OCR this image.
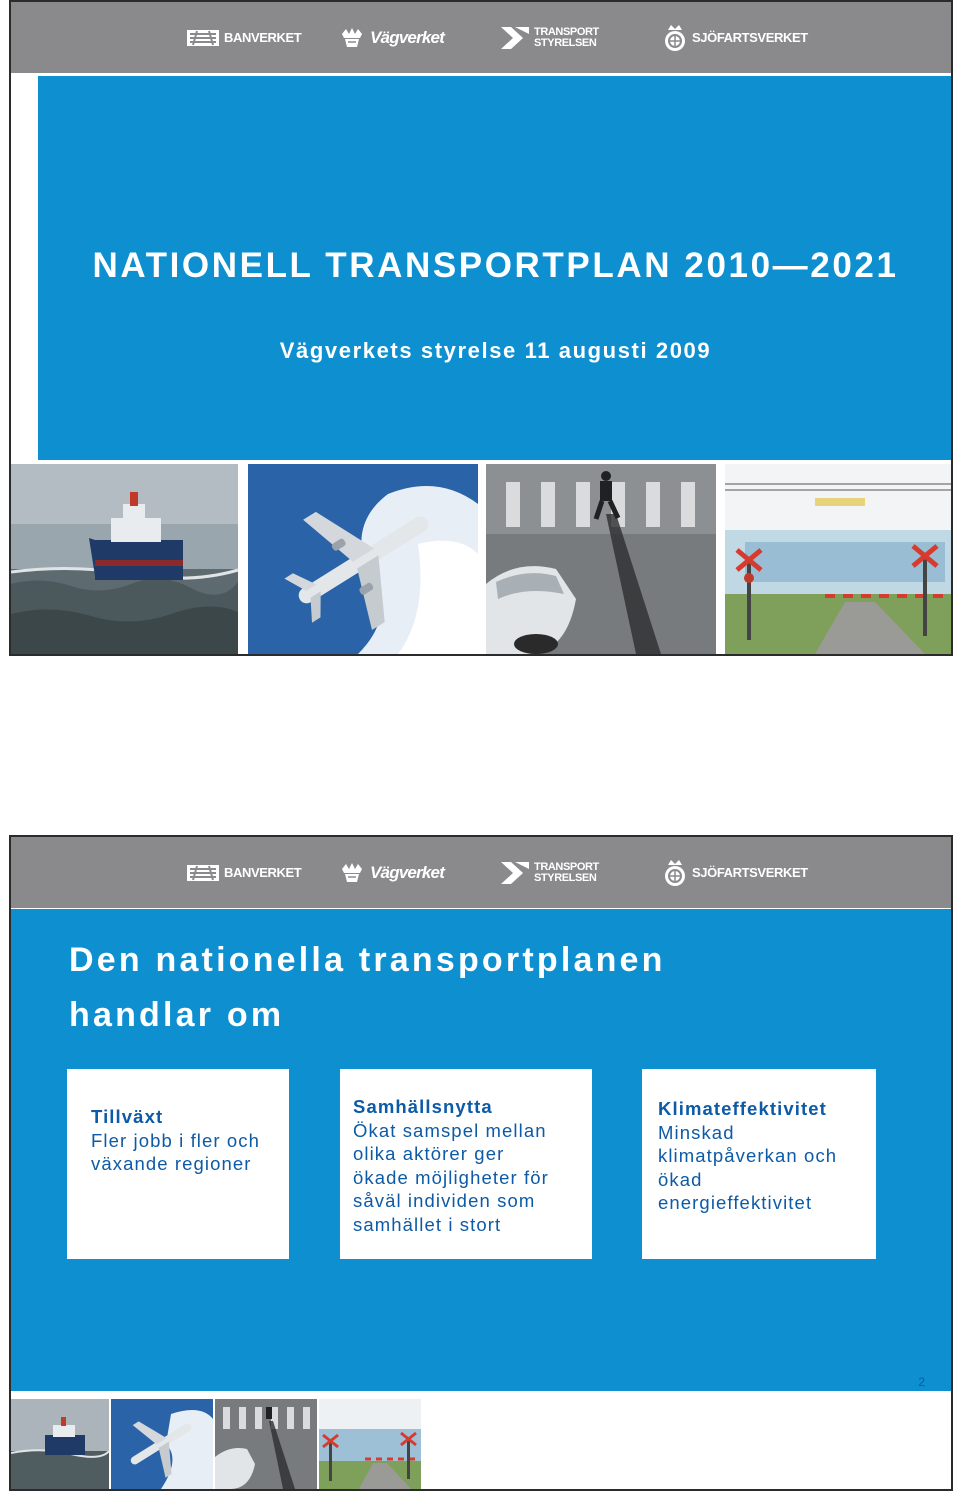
BANVERKET	Vägverket	TRANSPORT
STYRELSEN	SJÖFARTSVERKET
NATIONELL TRANSPORTPLAN 2010—2021

Vägverkets styrelse 11 augusti 2009

BANVERKET	Vägverket	TRANSPORT
STYRELSEN	SJÖFARTSVERKET
Den nationella transportplanen
handlar om
Tillväxt
Fler jobb i fler och
växande regioner
Samhällsnytta
Ökat samspel mellan
olika aktörer ger
ökade möjligheter för
såväl individen som
samhället i stort
Klimateffektivitet
Minskad
klimatpåverkan och
ökad
energieffektivitet
2
